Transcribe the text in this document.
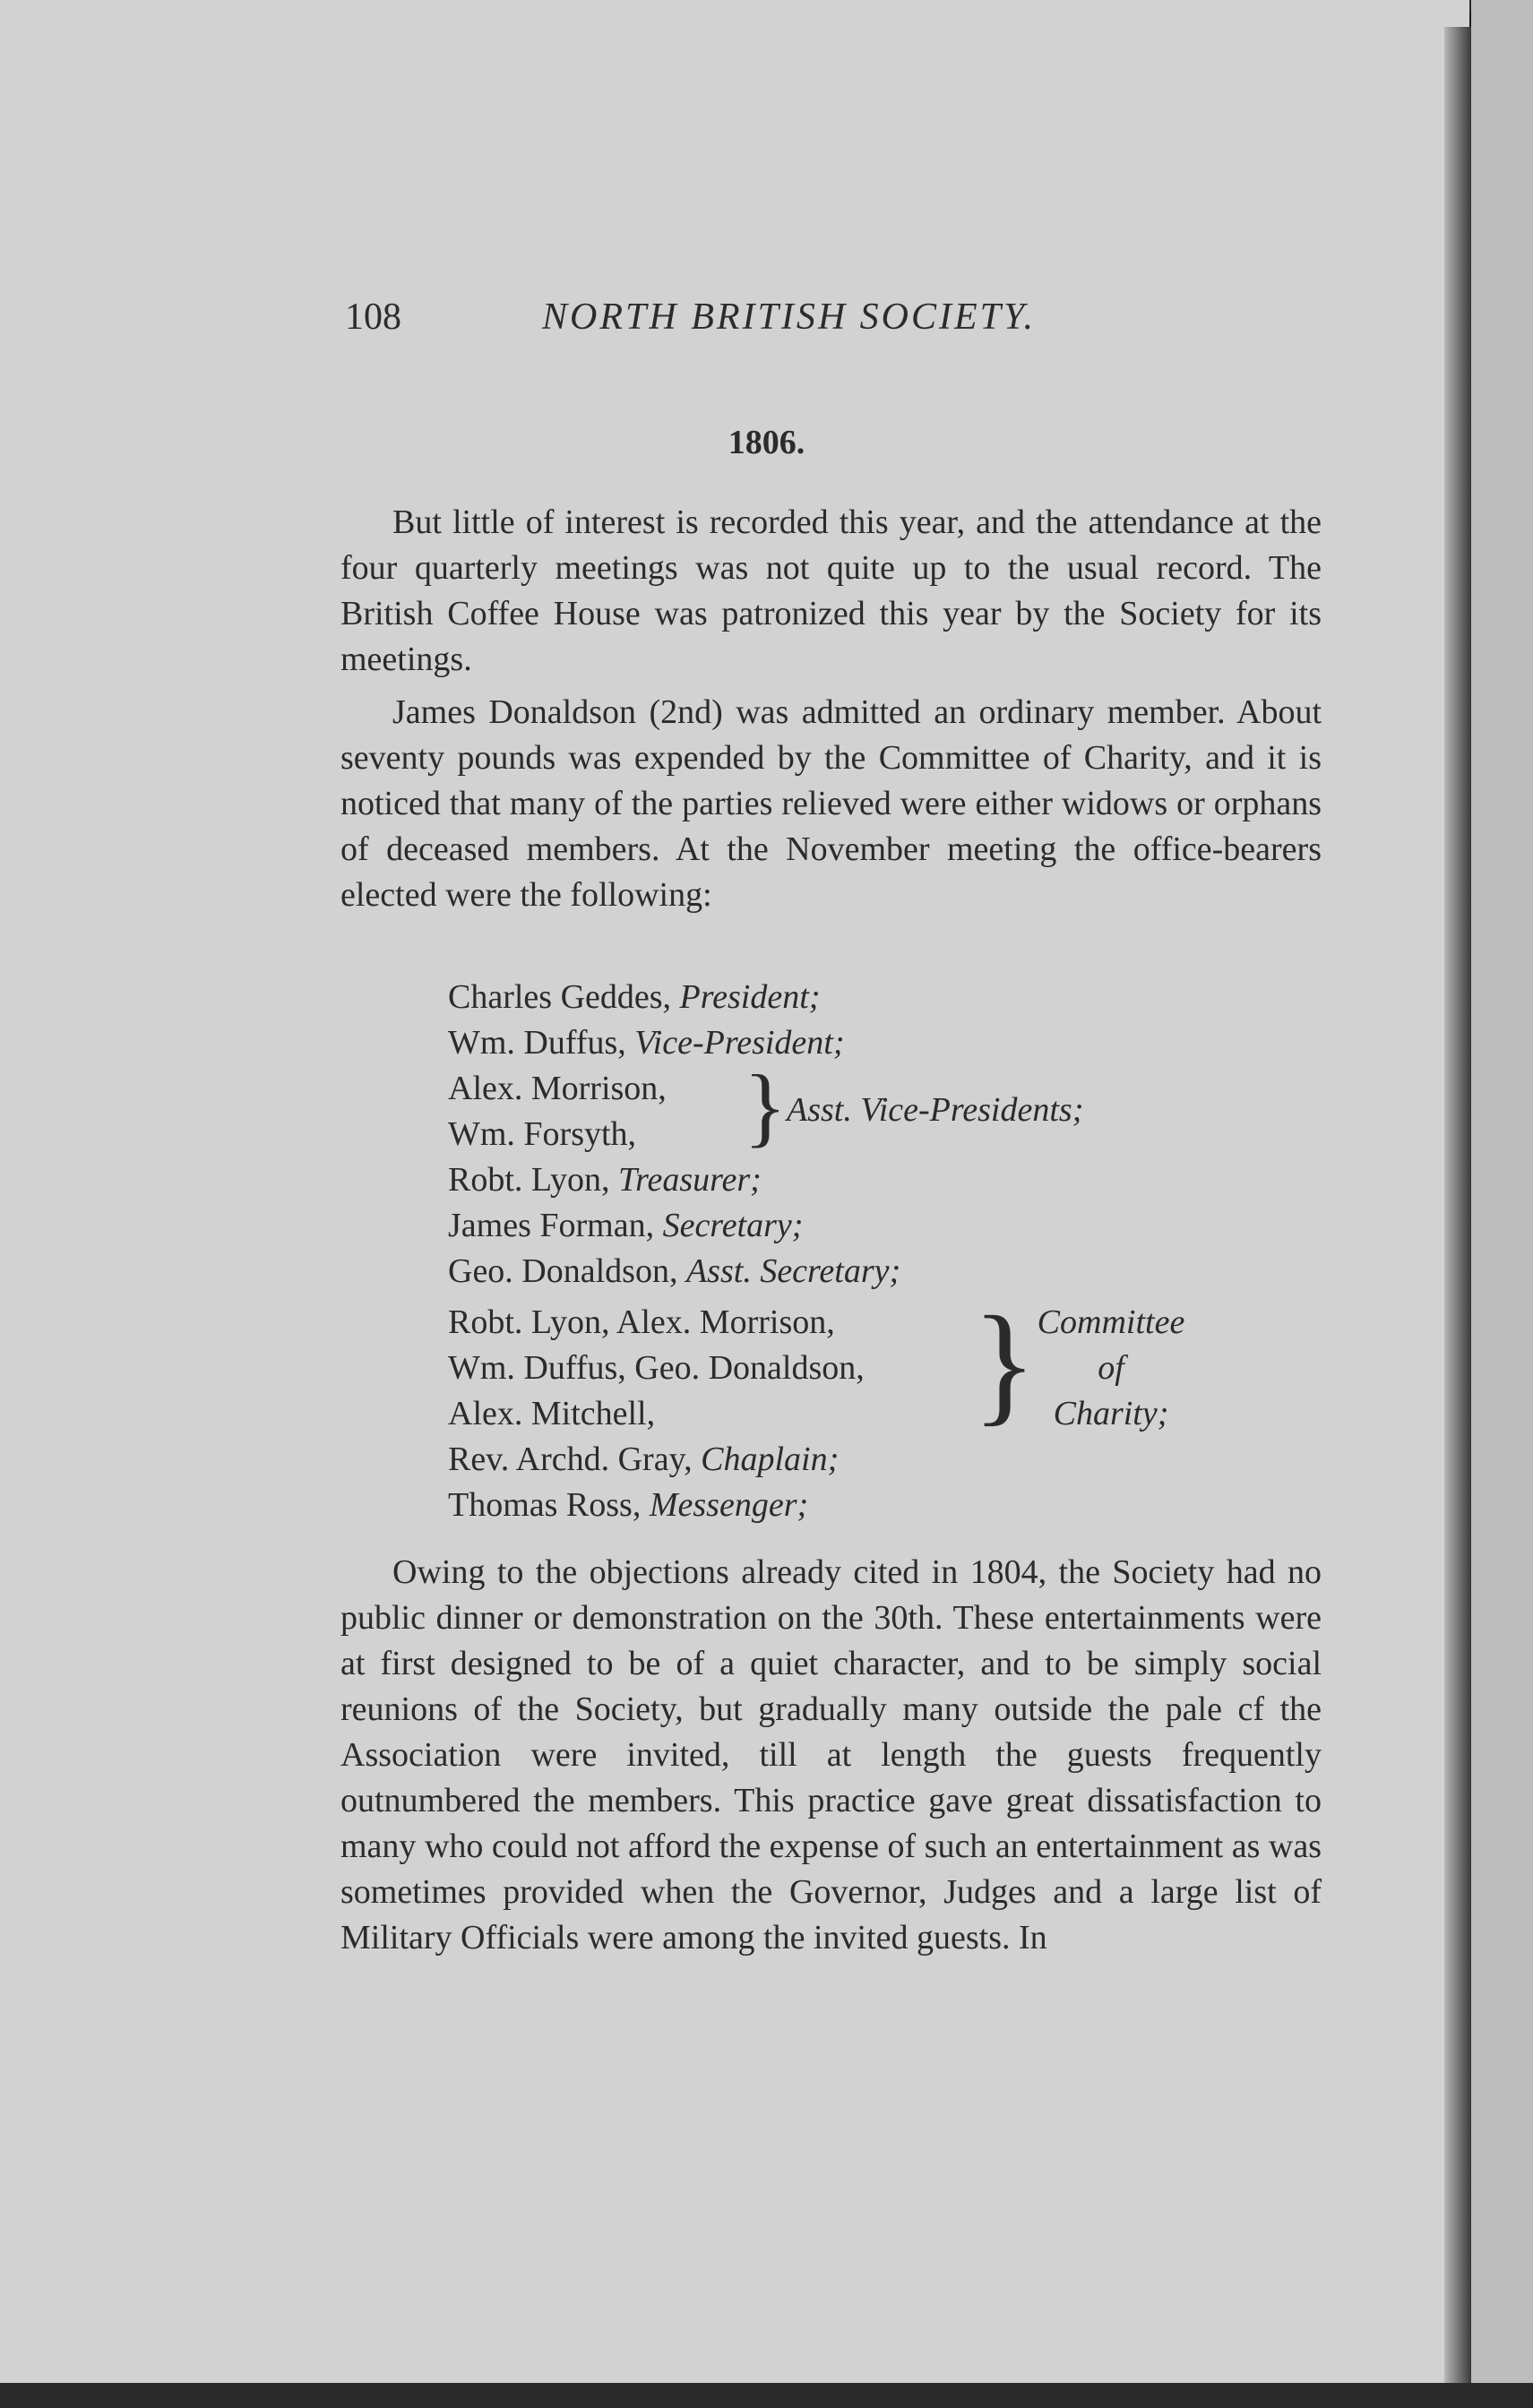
108	NORTH BRITISH SOCIETY.
1806.

But little of interest is recorded this year, and the attendance at the four quarterly meetings was not quite up to the usual record. The British Coffee House was patronized this year by the Society for its meetings.

James Donaldson (2nd) was admitted an ordinary member. About seventy pounds was expended by the Committee of Charity, and it is noticed that many of the parties relieved were either widows or orphans of deceased members. At the November meeting the office-bearers elected were the following:

Charles Geddes, President;
Wm. Duffus, Vice-President;
Alex. Morrison,
Wm. Forsyth,	} Asst. Vice-Presidents;
Robt. Lyon, Treasurer;
James Forman, Secretary;
Geo. Donaldson, Asst. Secretary;
Robt. Lyon, Alex. Morrison,
Wm. Duffus, Geo. Donaldson,
Alex. Mitchell,	} Committee
of
Charity;
Rev. Archd. Gray, Chaplain;
Thomas Ross, Messenger;

Owing to the objections already cited in 1804, the Society had no public dinner or demonstration on the 30th. These entertainments were at first designed to be of a quiet character, and to be simply social reunions of the Society, but gradually many outside the pale cf the Association were invited, till at length the guests frequently outnumbered the members. This practice gave great dissatisfaction to many who could not afford the expense of such an entertainment as was sometimes provided when the Governor, Judges and a large list of Military Officials were among the invited guests. In
